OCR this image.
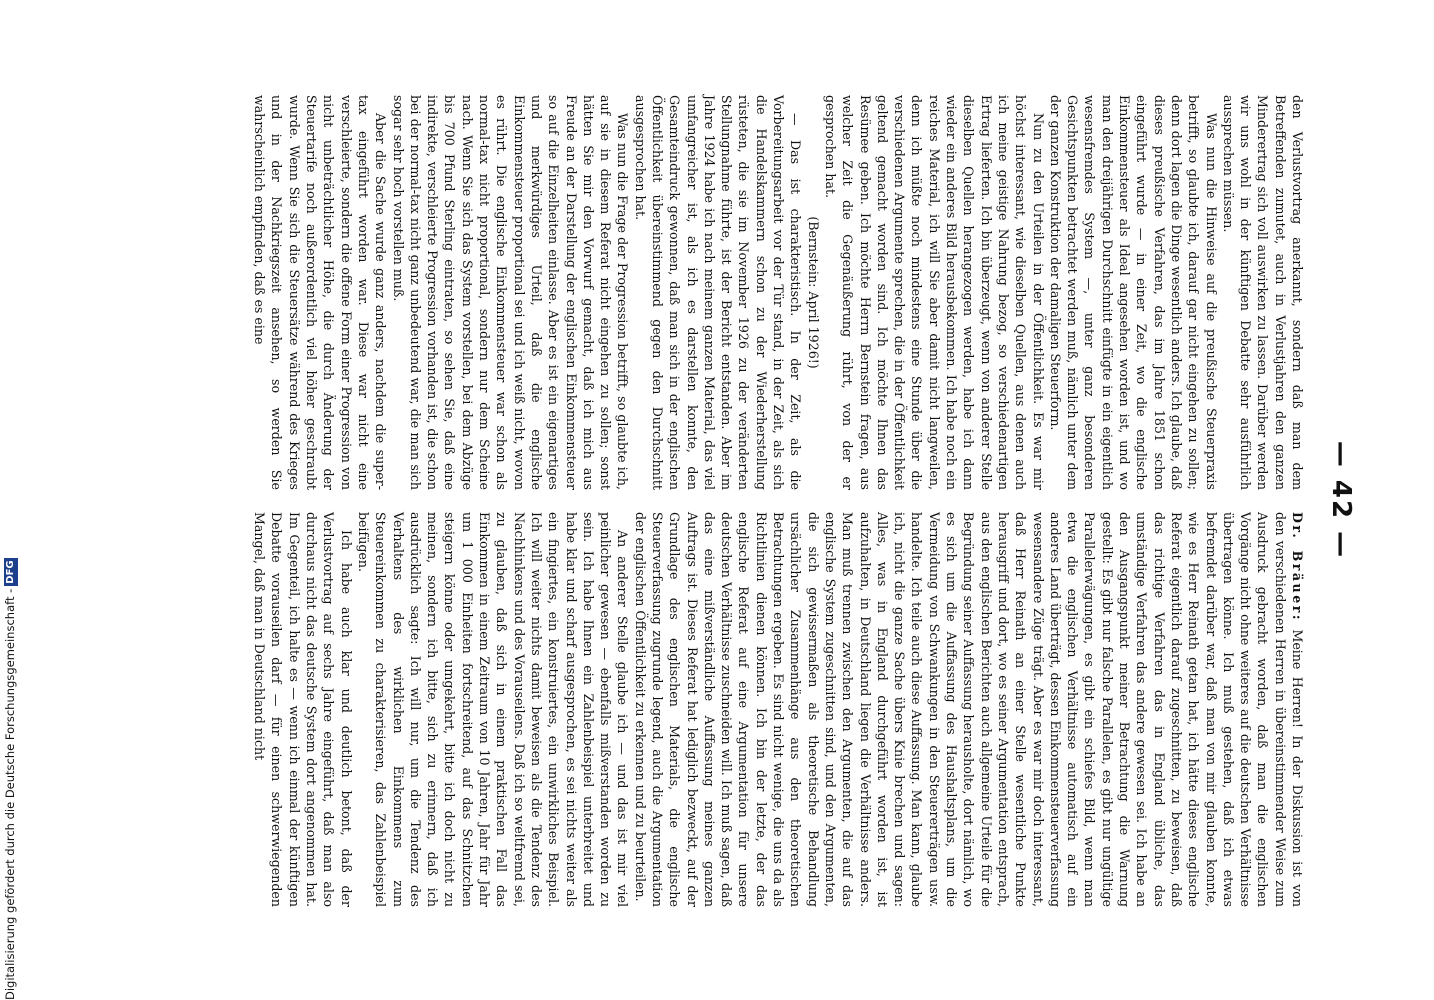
— 42 —

Dr. Bräuer: Meine Herren! In der Diskussion ist von den verschiedenen Herren in übereinstimmender Weise zum Ausdruck gebracht worden, daß man die englischen Vorgänge nicht ohne weiteres auf die deutschen Verhältnisse übertragen könne. Ich muß gestehen, daß ich etwas befremdet darüber war, daß man von mir glauben konnte, wie es Herr Reinath getan hat, ich hätte dieses englische Referat eigentlich darauf zugeschnitten, zu beweisen, daß das richtige Verfahren das in England übliche, das umständige Verfahren das andere gewesen sei. Ich habe an den Ausgangspunkt meiner Betrachtung die Warnung gestellt: Es gibt nur falsche Parallelen, es gibt nur ungültige Parallelerwägungen, es gibt ein schiefes Bild, wenn man etwa die englischen Verhältnisse automatisch auf ein anderes Land überträgt, dessen Einkommensteuerverfassung wesensandere Züge trägt. Aber es war mir doch interessant, daß Herr Reinath an einer Stelle wesentliche Punkte herausgriff und dort, wo es seiner Argumentation entsprach, aus den englischen Berichten auch allgemeine Urteile für die Begründung seiner Auffassung herausholte, dort nämlich, wo es sich um die Auffassung des Haushaltsplans, um die Vermeidung von Schwankungen in den Steuererträgen usw. handelte. Ich teile auch diese Auffassung. Man kann, glaube ich, nicht die ganze Sache übers Knie brechen und sagen: Alles, was in England durchgeführt worden ist, ist aufzuhalten, in Deutschland liegen die Verhältnisse anders. Man muß trennen zwischen den Argumenten, die auf das englische System zugeschnitten sind, und den Argumenten, die sich gewissermaßen als theoretische Behandlung ursächlicher Zusammenhänge aus den theoretischen Betrachtungen ergeben. Es sind nicht wenige, die uns da als Richtlinien dienen können. Ich bin der letzte, der das englische Referat auf eine Argumentation für unsere deutschen Verhältnisse zuschneiden will. Ich muß sagen, daß das eine mißverständliche Auffassung meines ganzen Auftrags ist. Dieses Referat hat lediglich bezweckt, auf der Grundlage des englischen Materials, die englische Steuerverfassung zugrunde legend, auch die Argumentation der englischen Öffentlichkeit zu erkennen und zu beurteilen.

An anderer Stelle glaube ich — und das ist mir viel peinlicher gewesen — ebenfalls mißverstanden worden zu sein. Ich habe Ihnen ein Zahlenbeispiel unterbreitet und habe klar und scharf ausgesprochen, es sei nichts weiter als ein fingiertes, ein konstruiertes, ein unwirkliches Beispiel. Ich will weiter nichts damit beweisen als die Tendenz des Nachhinkens und des Vorauseilens. Daß ich so weltfremd sei, zu glauben, daß sich in einem praktischen Fall das Einkommen in einem Zeitraum von 10 Jahren, Jahr für Jahr um 1 000 Einheiten fortschreitend, auf das Schnitzchen steigern könne oder umgekehrt, bitte ich doch nicht zu meinen, sondern ich bitte, sich zu erinnern, daß ich ausdrücklich sagte: Ich will nur, um die Tendenz des Verhaltens des wirklichen Einkommens zum Steuereinkommen zu charakterisieren, das Zahlenbeispiel beifügen.

Ich habe auch klar und deutlich betont, daß der Verlustvortrag auf sechs Jahre eingeführt, daß man also durchaus nicht das deutsche System dort angenommen hat. Im Gegenteil, ich halte es — wenn ich einmal der künftigen Debatte vorauseilen darf — für einen schwerwiegenden Mangel, daß man in Deutschland nicht

den Verlustvortrag anerkannt, sondern daß man dem Betreffenden zumutet, auch in Verlustjahren den ganzen Minderertrag sich voll auswirken zu lassen. Darüber werden wir uns wohl in der künftigen Debatte sehr ausführlich aussprechen müssen.

Was nun die Hinweise auf die preußische Steuerpraxis betrifft, so glaubte ich, darauf gar nicht eingehen zu sollen; denn dort lagen die Dinge wesentlich anders. Ich glaube, daß dieses preußische Verfahren, das im Jahre 1851 schon eingeführt wurde — in einer Zeit, wo die englische Einkommensteuer als Ideal angesehen worden ist, und wo man den dreijährigen Durchschnitt einfügte in ein eigentlich wesensfremdes System —, unter ganz besonderen Gesichtspunkten betrachtet werden muß, nämlich unter dem der ganzen Konstruktion der damaligen Steuerform.

Nun zu den Urteilen in der Öffentlichkeit. Es war mir höchst interessant, wie dieselben Quellen, aus denen auch ich meine geistige Nahrung bezog, so verschiedenartigen Ertrag lieferten. Ich bin überzeugt, wenn von anderer Stelle dieselben Quellen herangezogen werden, habe ich dann wieder ein anderes Bild herausbekommen. Ich habe noch ein reiches Material, ich will Sie aber damit nicht langweilen, denn ich müßte noch mindestens eine Stunde über die verschiedenen Argumente sprechen, die in der Öffentlichkeit geltend gemacht worden sind. Ich möchte Ihnen das Resümee geben. Ich möchte Herrn Bernstein fragen, aus welcher Zeit die Gegenäußerung rührt, von der er gesprochen hat.

(Bernstein: April 1926!)

— Das ist charakteristisch. In der Zeit, als die Vorbereitungsarbeit vor der Tür stand, in der Zeit, als sich die Handelskammern schon zu der Wiederherstellung rüsteten, die sie im November 1926 zu der veränderten Stellungnahme führte, ist der Bericht entstanden. Aber im Jahre 1924 habe ich nach meinem ganzen Material, das viel umfangreicher ist, als ich es darstellen konnte, den Gesamteindruck gewonnen, daß man sich in der englischen Öffentlichkeit übereinstimmend gegen den Durchschnitt ausgesprochen hat.

Was nun die Frage der Progression betrifft, so glaubte ich, auf sie in diesem Referat nicht eingehen zu sollen; sonst hätten Sie mir den Vorwurf gemacht, daß ich mich aus Freude an der Darstellung der englischen Einkommensteuer so auf die Einzelheiten einlasse. Aber es ist ein eigenartiges und merkwürdiges Urteil, daß die englische Einkommensteuer proportional sei und ich weiß nicht, wovon es rührt. Die englische Einkommensteuer war schon als normal-tax nicht proportional, sondern nur dem Scheine nach. Wenn Sie sich das System vorstellen, bei dem Abzüge bis 700 Pfund Sterling eintraten, so sehen Sie, daß eine indirekte, verschleierte Progression vorhanden ist, die schon bei der normal-tax nicht ganz unbedeutend war, die man sich sogar sehr hoch vorstellen muß.

Aber die Sache wurde ganz anders, nachdem die super-tax eingeführt worden war. Diese war nicht eine verschleierte, sondern die offene Form einer Progression von nicht unbeträchtlicher Höhe, die durch Änderung der Steuertarife noch außerordentlich viel höher geschraubt wurde. Wenn Sie sich die Steuersätze während des Krieges und in der Nachkriegszeit ansehen, so werden Sie wahrscheinlich empfinden, daß es eine

Digitalisierung gefördert durch die Deutsche Forschungsgemeinschaft -DFG
